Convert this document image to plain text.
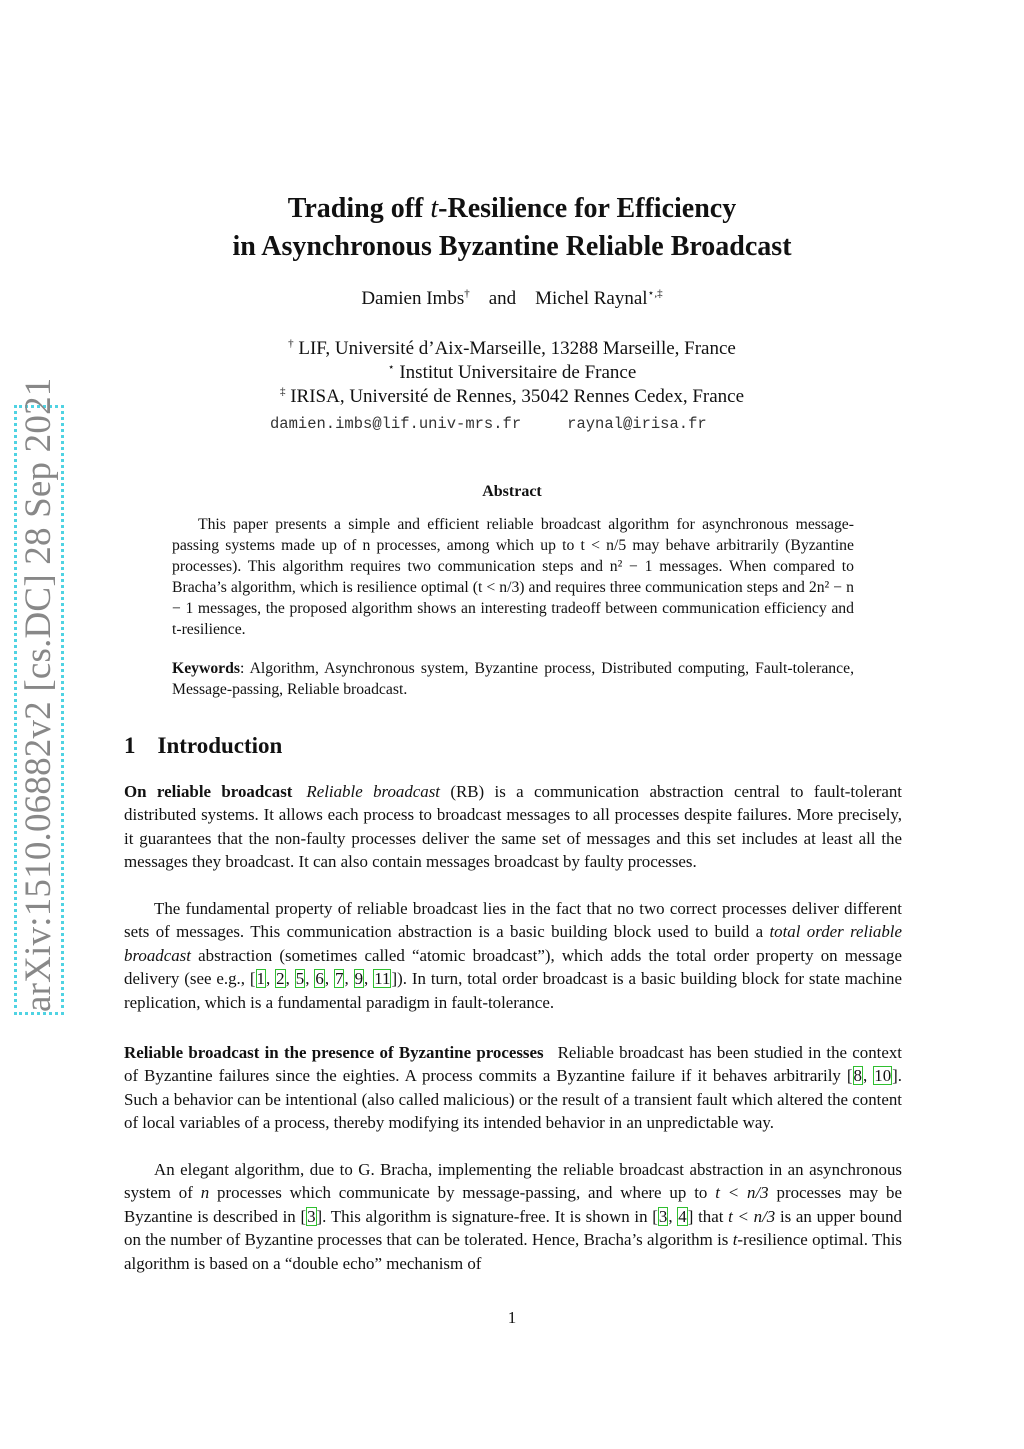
arXiv:1510.06882v2 [cs.DC] 28 Sep 2021
Trading off t-Resilience for Efficiency
in Asynchronous Byzantine Reliable Broadcast
Damien Imbs† and Michel Raynal⋆,‡
† LIF, Université d’Aix-Marseille, 13288 Marseille, France
⋆ Institut Universitaire de France
‡ IRISA, Université de Rennes, 35042 Rennes Cedex, France
damien.imbs@lif.univ-mrs.fr	raynal@irisa.fr
Abstract
This paper presents a simple and efficient reliable broadcast algorithm for asynchronous message-passing systems made up of n processes, among which up to t < n/5 may behave arbitrarily (Byzantine processes). This algorithm requires two communication steps and n² − 1 messages. When compared to Bracha’s algorithm, which is resilience optimal (t < n/3) and requires three communication steps and 2n² − n − 1 messages, the proposed algorithm shows an interesting tradeoff between communication efficiency and t-resilience.
Keywords: Algorithm, Asynchronous system, Byzantine process, Distributed computing, Fault-tolerance, Message-passing, Reliable broadcast.
1 Introduction
On reliable broadcast Reliable broadcast (RB) is a communication abstraction central to fault-tolerant distributed systems. It allows each process to broadcast messages to all processes despite failures. More precisely, it guarantees that the non-faulty processes deliver the same set of messages and this set includes at least all the messages they broadcast. It can also contain messages broadcast by faulty processes.
The fundamental property of reliable broadcast lies in the fact that no two correct processes deliver different sets of messages. This communication abstraction is a basic building block used to build a total order reliable broadcast abstraction (sometimes called “atomic broadcast”), which adds the total order property on message delivery (see e.g., [1, 2, 5, 6, 7, 9, 11]). In turn, total order broadcast is a basic building block for state machine replication, which is a fundamental paradigm in fault-tolerance.
Reliable broadcast in the presence of Byzantine processes Reliable broadcast has been studied in the context of Byzantine failures since the eighties. A process commits a Byzantine failure if it behaves arbitrarily [8, 10]. Such a behavior can be intentional (also called malicious) or the result of a transient fault which altered the content of local variables of a process, thereby modifying its intended behavior in an unpredictable way.
An elegant algorithm, due to G. Bracha, implementing the reliable broadcast abstraction in an asynchronous system of n processes which communicate by message-passing, and where up to t < n/3 processes may be Byzantine is described in [3]. This algorithm is signature-free. It is shown in [3, 4] that t < n/3 is an upper bound on the number of Byzantine processes that can be tolerated. Hence, Bracha’s algorithm is t-resilience optimal. This algorithm is based on a “double echo” mechanism of
1
